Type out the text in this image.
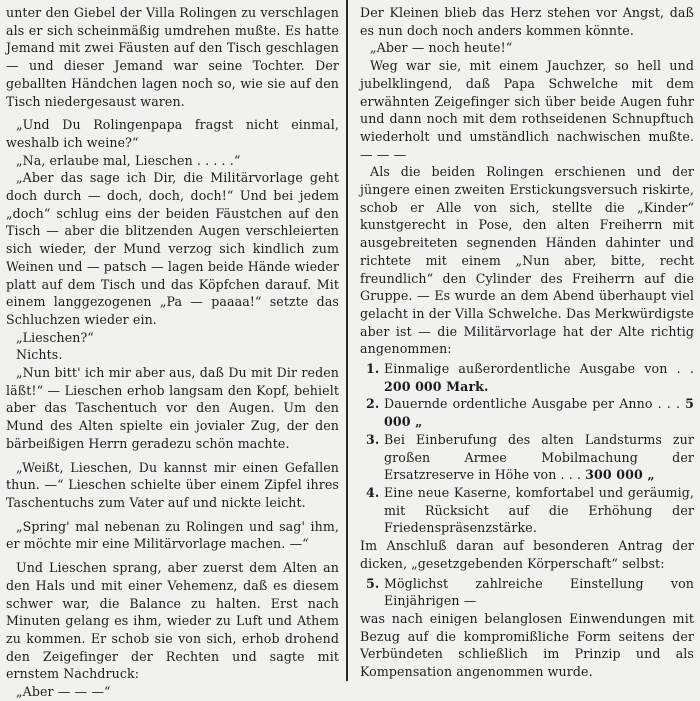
unter den Giebel der Villa Rolingen zu verschlagen als er sich scheinmäßig umdrehen mußte. Es hatte Jemand mit zwei Fäusten auf den Tisch geschlagen — und dieser Jemand war seine Tochter. Der geballten Händchen lagen noch so, wie sie auf den Tisch niedergesaust waren.

„Und Du Rolingenpapa fragst nicht einmal, weshalb ich weine?“

„Na, erlaube mal, Lieschen . . . . .“

„Aber das sage ich Dir, die Militärvorlage geht doch durch — doch, doch, doch!“ Und bei jedem „doch“ schlug eins der beiden Fäustchen auf den Tisch — aber die blitzenden Augen verschleierten sich wieder, der Mund verzog sich kindlich zum Weinen und — patsch — lagen beide Hände wieder platt auf dem Tisch und das Köpfchen darauf. Mit einem langgezogenen „Pa — paaaa!“ setzte das Schluchzen wieder ein.

„Lieschen?“

Nichts.

„Nun bitt' ich mir aber aus, daß Du mit Dir reden läßt!“ — Lieschen erhob langsam den Kopf, behielt aber das Taschentuch vor den Augen. Um den Mund des Alten spielte ein jovialer Zug, der den bärbeißigen Herrn geradezu schön machte.

„Weißt, Lieschen, Du kannst mir einen Gefallen thun. —“ Lieschen schielte über einem Zipfel ihres Taschentuchs zum Vater auf und nickte leicht.

„Spring' mal nebenan zu Rolingen und sag' ihm, er möchte mir eine Militärvorlage machen. —“

Und Lieschen sprang, aber zuerst dem Alten an den Hals und mit einer Vehemenz, daß es diesem schwer war, die Balance zu halten. Erst nach Minuten gelang es ihm, wieder zu Luft und Athem zu kommen. Er schob sie von sich, erhob drohend den Zeigefinger der Rechten und sagte mit ernstem Nachdruck:

„Aber — — —“

Der Kleinen blieb das Herz stehen vor Angst, daß es nun doch noch anders kommen könnte.

„Aber — noch heute!“

Weg war sie, mit einem Jauchzer, so hell und jubelklingend, daß Papa Schwelche mit dem erwähnten Zeigefinger sich über beide Augen fuhr und dann noch mit dem rothseidenen Schnupftuch wiederholt und umständlich nachwischen mußte. — — —

Als die beiden Rolingen erschienen und der jüngere einen zweiten Erstickungsversuch riskirte, schob er Alle von sich, stellte die „Kinder“ kunstgerecht in Pose, den alten Freiherrn mit ausgebreiteten segnenden Händen dahinter und richtete mit einem „Nun aber, bitte, recht freundlich“ den Cylinder des Freiherrn auf die Gruppe. — Es wurde an dem Abend überhaupt viel gelacht in der Villa Schwelche. Das Merkwürdigste aber ist — die Militärvorlage hat der Alte richtig angenommen:

1. Einmalige außerordentliche Ausgabe von . . 200 000 Mark.
2. Dauernde ordentliche Ausgabe per Anno . . . 5 000 „
3. Bei Einberufung des alten Landsturms zur großen Armee Mobilmachung der Ersatzreserve in Höhe von . . . 300 000 „
4. Eine neue Kaserne, komfortabel und geräumig, mit Rücksicht auf die Erhöhung der Friedenspräsenzstärke.

Im Anschluß daran auf besonderen Antrag der dicken, „gesetzgebenden Körperschaft“ selbst:

5. Möglichst zahlreiche Einstellung von Einjährigen —

was nach einigen belanglosen Einwendungen mit Bezug auf die kompromißliche Form seitens der Verbündeten schließlich im Prinzip und als Kompensation angenommen wurde.
